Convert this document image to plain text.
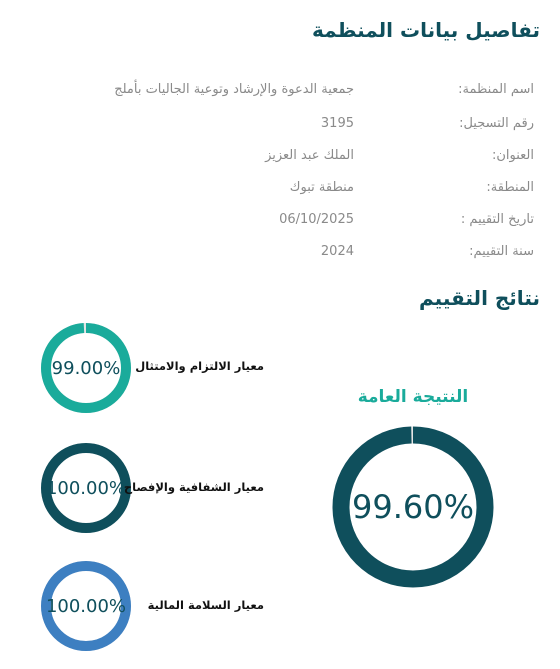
تفاصيل بيانات المنظمة
اسم المنظمة:
جمعية الدعوة والإرشاد وتوعية الجاليات بأملج
رقم التسجيل:
3195
العنوان:
الملك عبد العزيز
المنطقة:
منطقة تبوك
تاريخ التقييم :
06/10/2025
سنة التقييم:
2024
نتائج التقييم
99.00%	معيار الالتزام والامتثال
100.00%
معيار الشفافية والإفصاح
100.00%	معيار السلامة المالية
النتيجة العامة
99.60%
